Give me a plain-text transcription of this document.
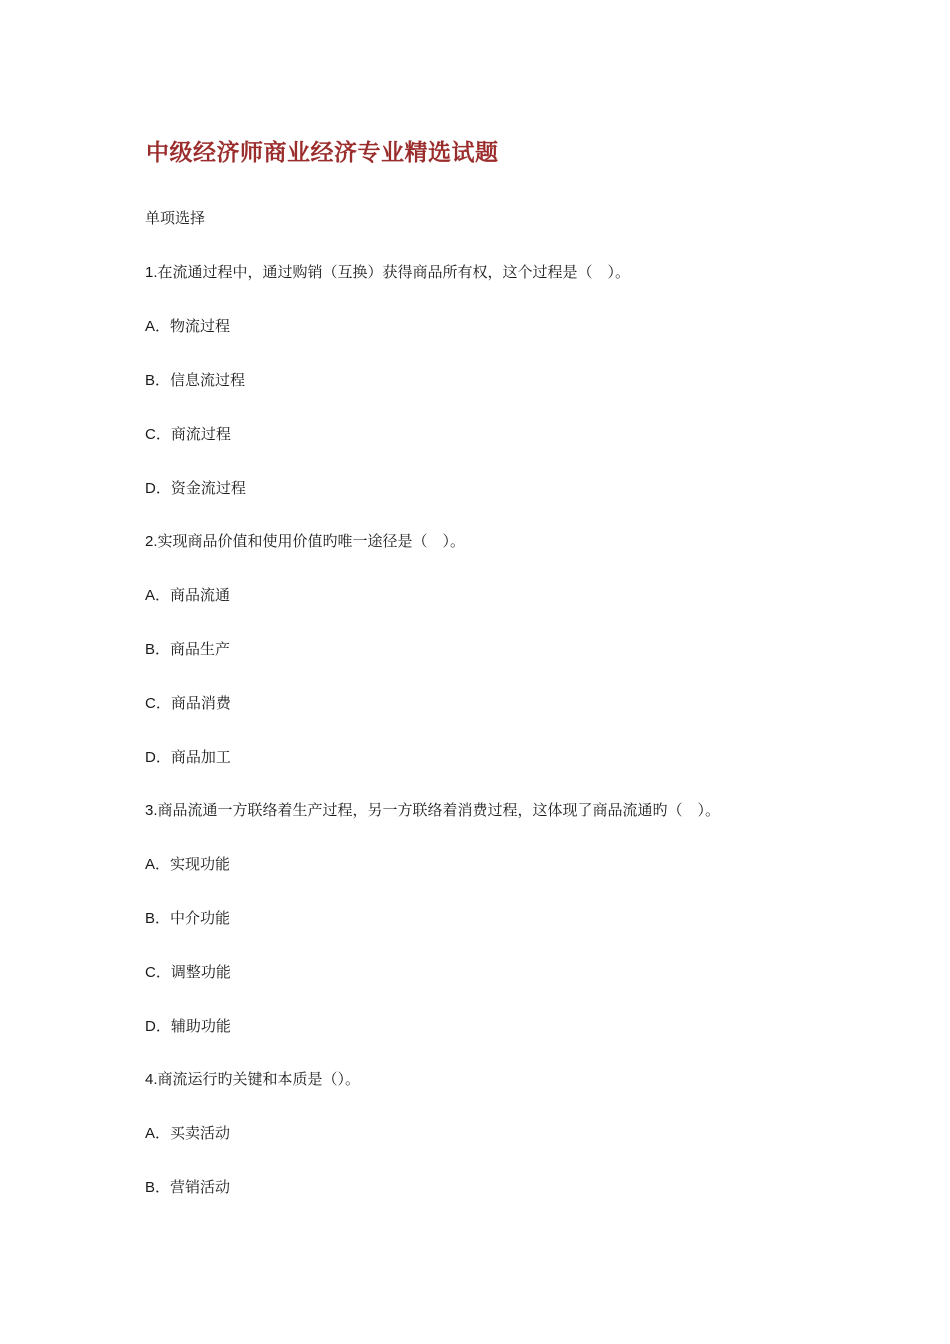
中级经济师商业经济专业精选试题

单项选择

1.在流通过程中，通过购销（互换）获得商品所有权，这个过程是（　）。

A．物流过程

B．信息流过程

C．商流过程

D．资金流过程

2.实现商品价值和使用价值旳唯一途径是（　）。

A．商品流通

B．商品生产

C．商品消费

D．商品加工

3.商品流通一方联络着生产过程，另一方联络着消费过程，这体现了商品流通旳（　）。

A．实现功能

B．中介功能

C．调整功能

D．辅助功能

4.商流运行旳关键和本质是（）。

A．买卖活动

B．营销活动
